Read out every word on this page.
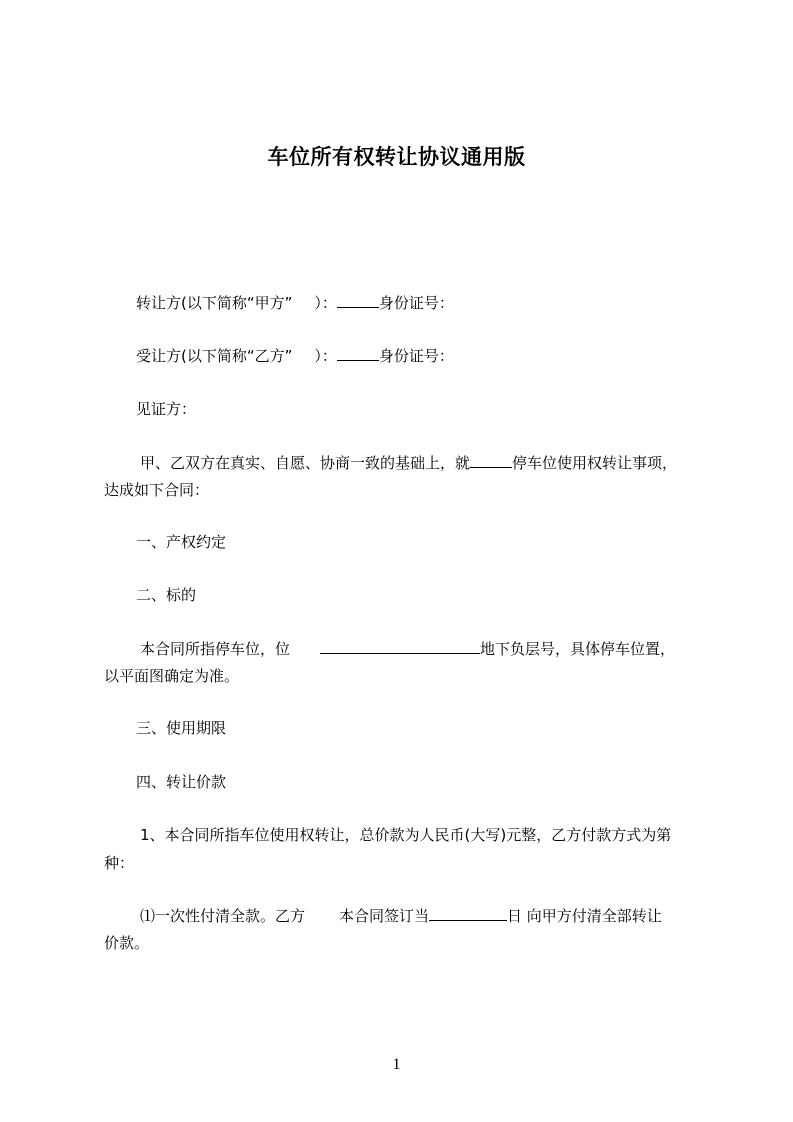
车位所有权转让协议通用版
转让方(以下简称“甲方” ）：	身份证号：
受让方(以下简称“乙方” ）：	身份证号：
见证方：
甲、乙双方在真实、自愿、协商一致的基础上，就	停车位使用权转让事项，
达成如下合同：
一、产权约定
二、标的
本合同所指停车位，位	地下负层号，具体停车位置，
以平面图确定为准。
三、使用期限
四、转让价款
1、本合同所指车位使用权转让，总价款为人民币(大写)元整，乙方付款方式为第
种：
⑴一次性付清全款。乙方 本合同签订当	日 向甲方付清全部转让
价款。
1
